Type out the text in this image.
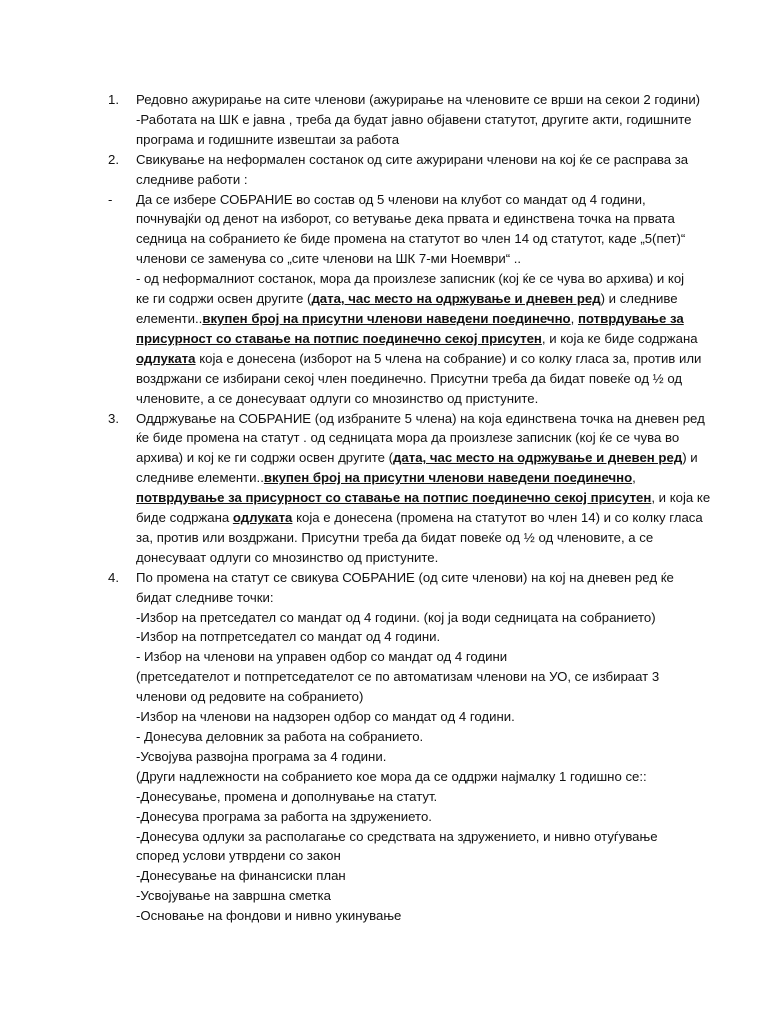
1.	Редовно ажурирање на сите членови (ажурирање на членовите се врши на секои 2 години)
-Работата на ШК е јавна , треба да будат јавно објавени статутот, другите акти, годишните
програма и годишните извештаи за работа
2.	Свикување на неформален состанок од сите ажурирани членови на кој ќе се расправа за
следниве работи :
-	Да се избере СОБРАНИЕ во состав од 5 членови на клубот со мандат од 4 години,
почнувајќи од денот на изборот, со ветување дека првата и единствена точка на првата
седница на собранието ќе биде промена на статутот во член 14 од статутот, каде „5(пет)“
членови се заменува со „сите членови на ШК 7-ми Ноември“ ..
- од неформалниот состанок, мора да произлезе записник (кој ќе се чува во архива) и кој
ке ги содржи освен другите (дата, час место на одржување и дневен ред) и следниве
елементи..вкупен број на присутни членови наведени поединечно, потврдување за
присурност со ставање на потпис поединечно секој присутен, и која ке биде содржана
одлуката која е донесена (изборот на 5 члена на собрание) и со колку гласа за, против или
воздржани се избирани секој член поединечно. Присутни треба да бидат повеќе од ½ од
членовите, а се донесуваат одлуги со мнозинство од пристуните.
3.	Оддржување на СОБРАНИЕ (од избраните 5 члена) на која единствена точка на дневен ред
ќе биде промена на статут . од седницата мора да произлезе записник (кој ќе се чува во
архива) и кој ке ги содржи освен другите (дата, час место на одржување и дневен ред) и
следниве елементи..вкупен број на присутни членови наведени поединечно,
потврдување за присурност со ставање на потпис поединечно секој присутен, и која ке
биде содржана одлуката која е донесена (промена на статутот во член 14) и со колку гласа
за, против или воздржани. Присутни треба да бидат повеќе од ½ од членовите, а се
донесуваат одлуги со мнозинство од пристуните.
4.	По промена на статут се свикува СОБРАНИЕ (од сите членови) на кој на дневен ред ќе
бидат следниве точки:
-Избор на претседател со мандат од 4 години. (кој ја води седницата на собранието)
-Избор на потпретседател со мандат од 4 години.
- Избор на членови на управен одбор со мандат од 4 години
(претседателот и потпретседателот се по автоматизам членови на УО, се избираат 3
членови од редовите на собранието)
-Избор на членови на надзорен одбор со мандат од 4 години.
- Донесува деловник за работа на собранието.
-Усвојува развојна програма за 4 години.
(Други надлежности на собранието кое мора да се оддржи најмалку 1 годишно се::
-Донесување, промена и дополнување на статут.
-Донесува програма за рабоrта на здружението.
-Донесува одлуки за располагање со средствата на здружението, и нивно отуѓување
според услови утврдени со закон
-Донесување на финансиски план
-Усвојување на завршна сметка
-Основање на фондови и нивно укинување
